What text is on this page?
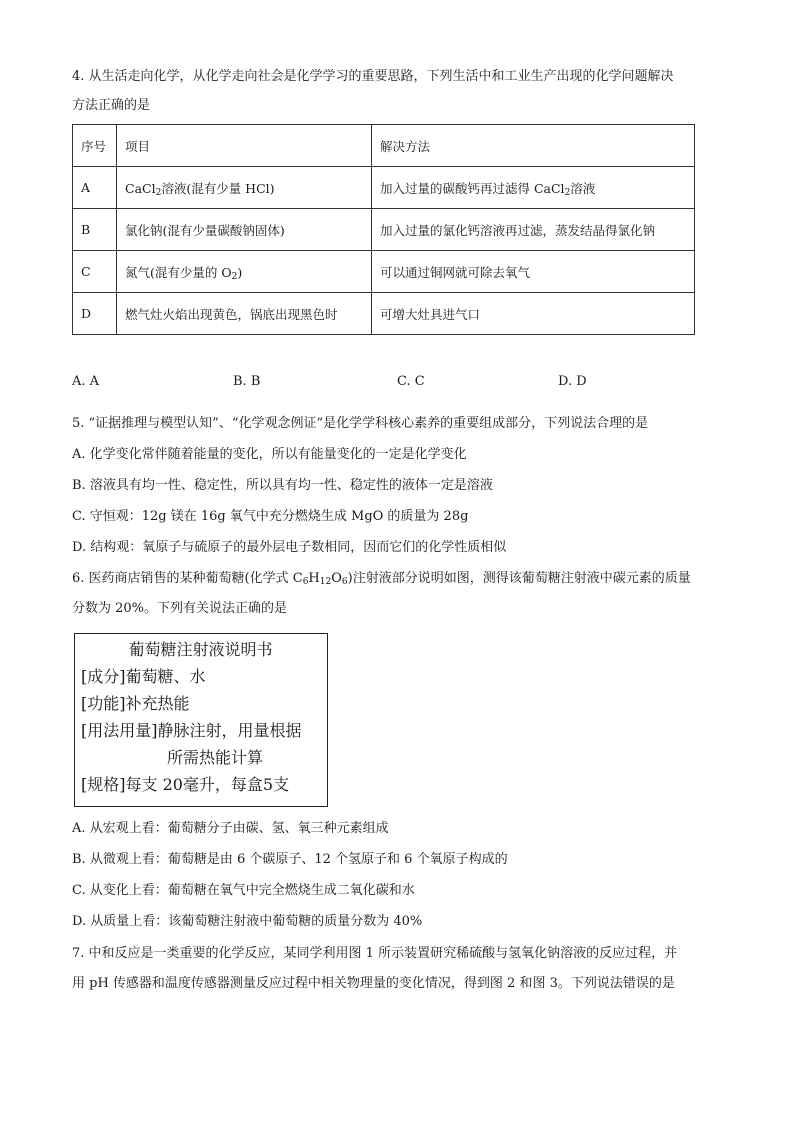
4. 从生活走向化学，从化学走向社会是化学学习的重要思路，下列生活中和工业生产出现的化学问题解决
方法正确的是
序号	项目	解决方法
A	CaCl$_2$溶液(混有少量 HCl)	加入过量的碳酸钙再过滤得 CaCl$_2$溶液
B	氯化钠(混有少量碳酸钠固体)	加入过量的氯化钙溶液再过滤，蒸发结晶得氯化钠
C	氮气(混有少量的 $O_2$)	可以通过铜网就可除去氧气
D	燃气灶火焰出现黄色，锅底出现黑色时	可增大灶具进气口
A. A	B. B	C. C	D. D
5. “证据推理与模型认知”、“化学观念例证”是化学学科核心素养的重要组成部分，下列说法合理的是
A. 化学变化常伴随着能量的变化，所以有能量变化的一定是化学变化
B. 溶液具有均一性、稳定性，所以具有均一性、稳定性的液体一定是溶液
C. 守恒观：12g 镁在 16g 氧气中充分燃烧生成 MgO 的质量为 28g
D. 结构观：氧原子与硫原子的最外层电子数相同，因而它们的化学性质相似
6. 医药商店销售的某种葡萄糖(化学式 $C_6H_{12}O_6$)注射液部分说明如图，测得该葡萄糖注射液中碳元素的质量
分数为 20%。下列有关说法正确的是
葡萄糖注射液说明书
[成分]葡萄糖、水
[功能]补充热能
[用法用量]静脉注射，用量根据
所需热能计算
[规格]每支 20毫升，每盒5支
A. 从宏观上看：葡萄糖分子由碳、氢、氧三种元素组成
B. 从微观上看：葡萄糖是由 6 个碳原子、12 个氢原子和 6 个氧原子构成的
C. 从变化上看：葡萄糖在氧气中完全燃烧生成二氧化碳和水
D. 从质量上看：该葡萄糖注射液中葡萄糖的质量分数为 40%
7. 中和反应是一类重要的化学反应，某同学利用图 1 所示装置研究稀硫酸与氢氧化钠溶液的反应过程，并
用 pH 传感器和温度传感器测量反应过程中相关物理量的变化情况，得到图 2 和图 3。下列说法错误的是
